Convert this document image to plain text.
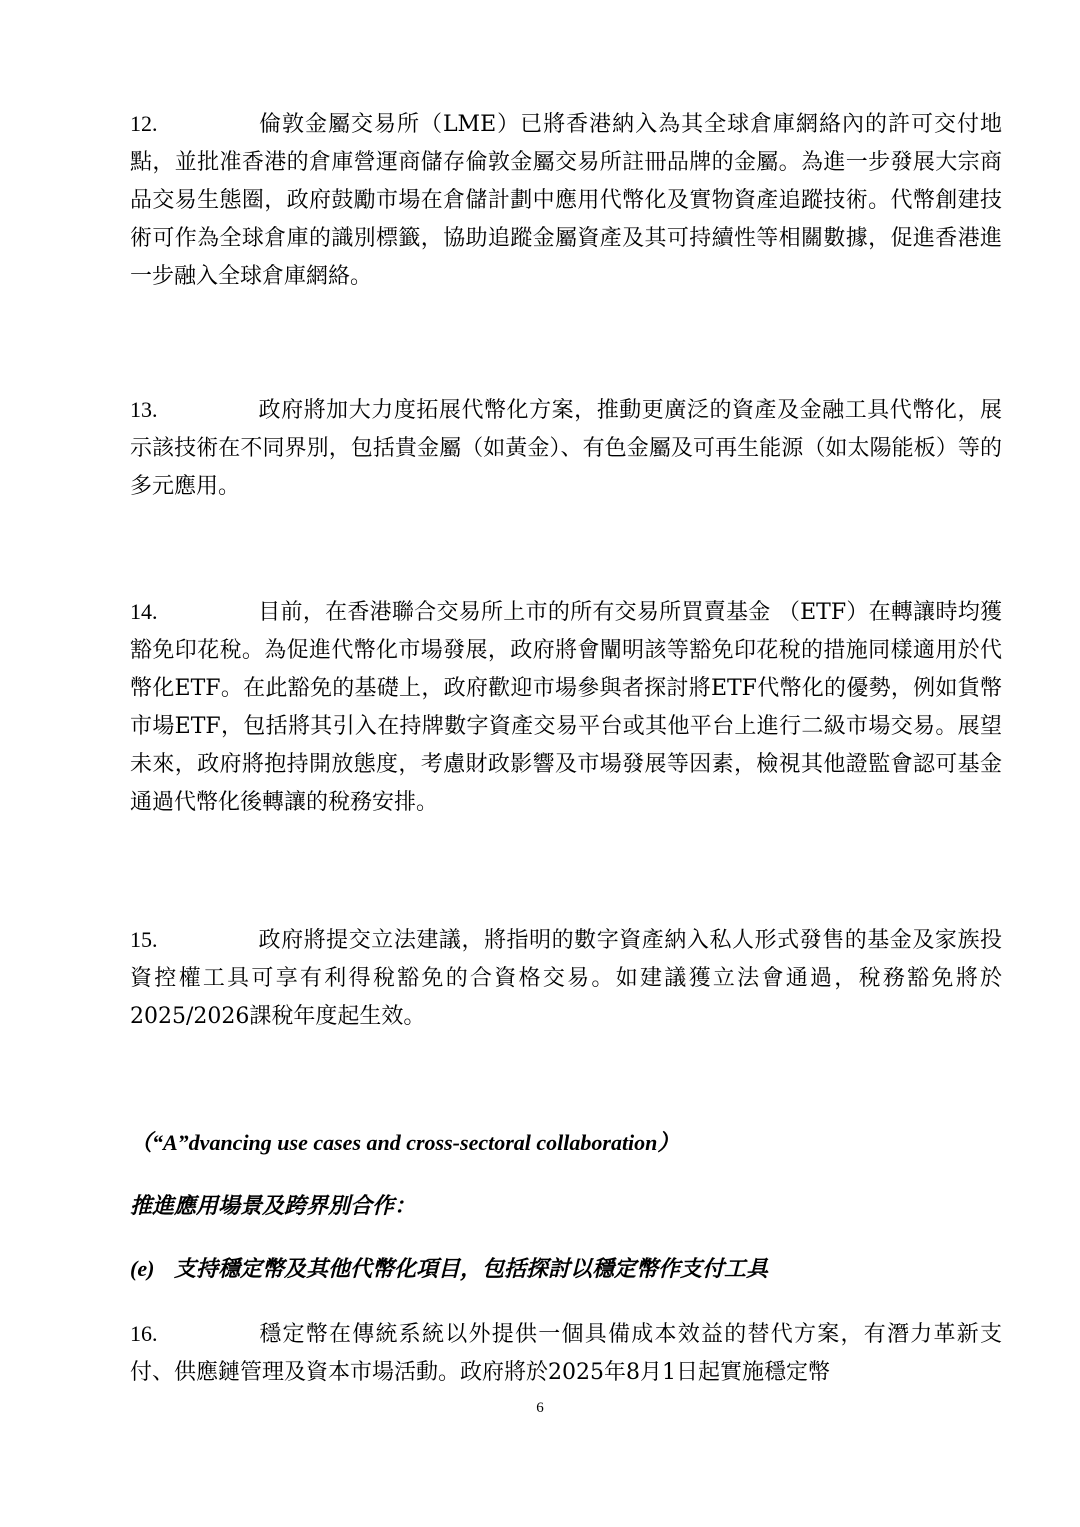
12.	倫敦金屬交易所（LME）已將香港納入為其全球倉庫網絡內的許可交付地點，並批准香港的倉庫營運商儲存倫敦金屬交易所註冊品牌的金屬。為進一步發展大宗商品交易生態圈，政府鼓勵市場在倉儲計劃中應用代幣化及實物資產追蹤技術。代幣創建技術可作為全球倉庫的識別標籤，協助追蹤金屬資產及其可持續性等相關數據，促進香港進一步融入全球倉庫網絡。

13.	政府將加大力度拓展代幣化方案，推動更廣泛的資產及金融工具代幣化，展示該技術在不同界別，包括貴金屬（如黃金）、有色金屬及可再生能源（如太陽能板）等的多元應用。

14.	目前，在香港聯合交易所上市的所有交易所買賣基金 （ETF）在轉讓時均獲豁免印花稅。為促進代幣化市場發展，政府將會闡明該等豁免印花稅的措施同樣適用於代幣化ETF。在此豁免的基礎上，政府歡迎市場參與者探討將ETF代幣化的優勢，例如貨幣市場ETF，包括將其引入在持牌數字資產交易平台或其他平台上進行二級市場交易。展望未來，政府將抱持開放態度，考慮財政影響及市場發展等因素，檢視其他證監會認可基金通過代幣化後轉讓的稅務安排。

15.	政府將提交立法建議，將指明的數字資產納入私人形式發售的基金及家族投資控權工具可享有利得稅豁免的合資格交易。如建議獲立法會通過，稅務豁免將於2025/2026課稅年度起生效。

（“A”dvancing use cases and cross-sectoral collaboration）

推進應用場景及跨界別合作：

(e) 支持穩定幣及其他代幣化項目，包括探討以穩定幣作支付工具

16.	穩定幣在傳統系統以外提供一個具備成本效益的替代方案，有潛力革新支付、供應鏈管理及資本市場活動。政府將於2025年8月1日起實施穩定幣

6
